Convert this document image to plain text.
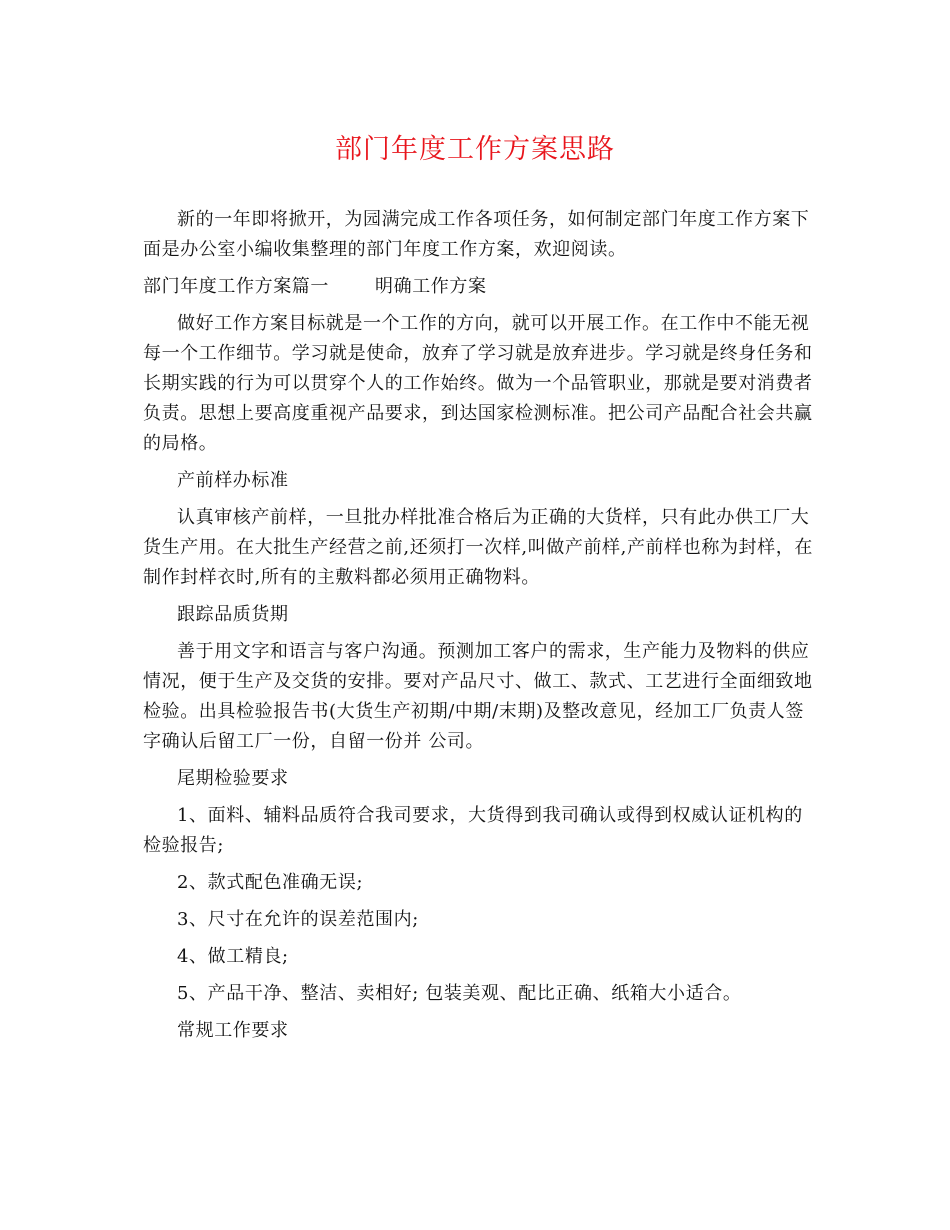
部门年度工作方案思路

新的一年即将掀开，为园满完成工作各项任务，如何制定部门年度工作方案下面是办公室小编收集整理的部门年度工作方案，欢迎阅读。

部门年度工作方案篇一	明确工作方案

做好工作方案目标就是一个工作的方向，就可以开展工作。在工作中不能无视每一个工作细节。学习就是使命，放弃了学习就是放弃进步。学习就是终身任务和长期实践的行为可以贯穿个人的工作始终。做为一个品管职业，那就是要对消费者负责。思想上要高度重视产品要求，到达国家检测标准。把公司产品配合社会共赢的局格。

产前样办标准

认真审核产前样，一旦批办样批准合格后为正确的大货样，只有此办供工厂大货生产用。在大批生产经营之前,还须打一次样,叫做产前样,产前样也称为封样，在制作封样衣时,所有的主敷料都必须用正确物料。

跟踪品质货期

善于用文字和语言与客户沟通。预测加工客户的需求，生产能力及物料的供应情况，便于生产及交货的安排。要对产品尺寸、做工、款式、工艺进行全面细致地检验。出具检验报告书(大货生产初期/中期/末期)及整改意见，经加工厂负责人签字确认后留工厂一份，自留一份并 公司。

尾期检验要求

1、面料、辅料品质符合我司要求，大货得到我司确认或得到权威认证机构的检验报告;

2、款式配色准确无误;

3、尺寸在允许的误差范围内;

4、做工精良;

5、产品干净、整洁、卖相好; 包装美观、配比正确、纸箱大小适合。

常规工作要求
